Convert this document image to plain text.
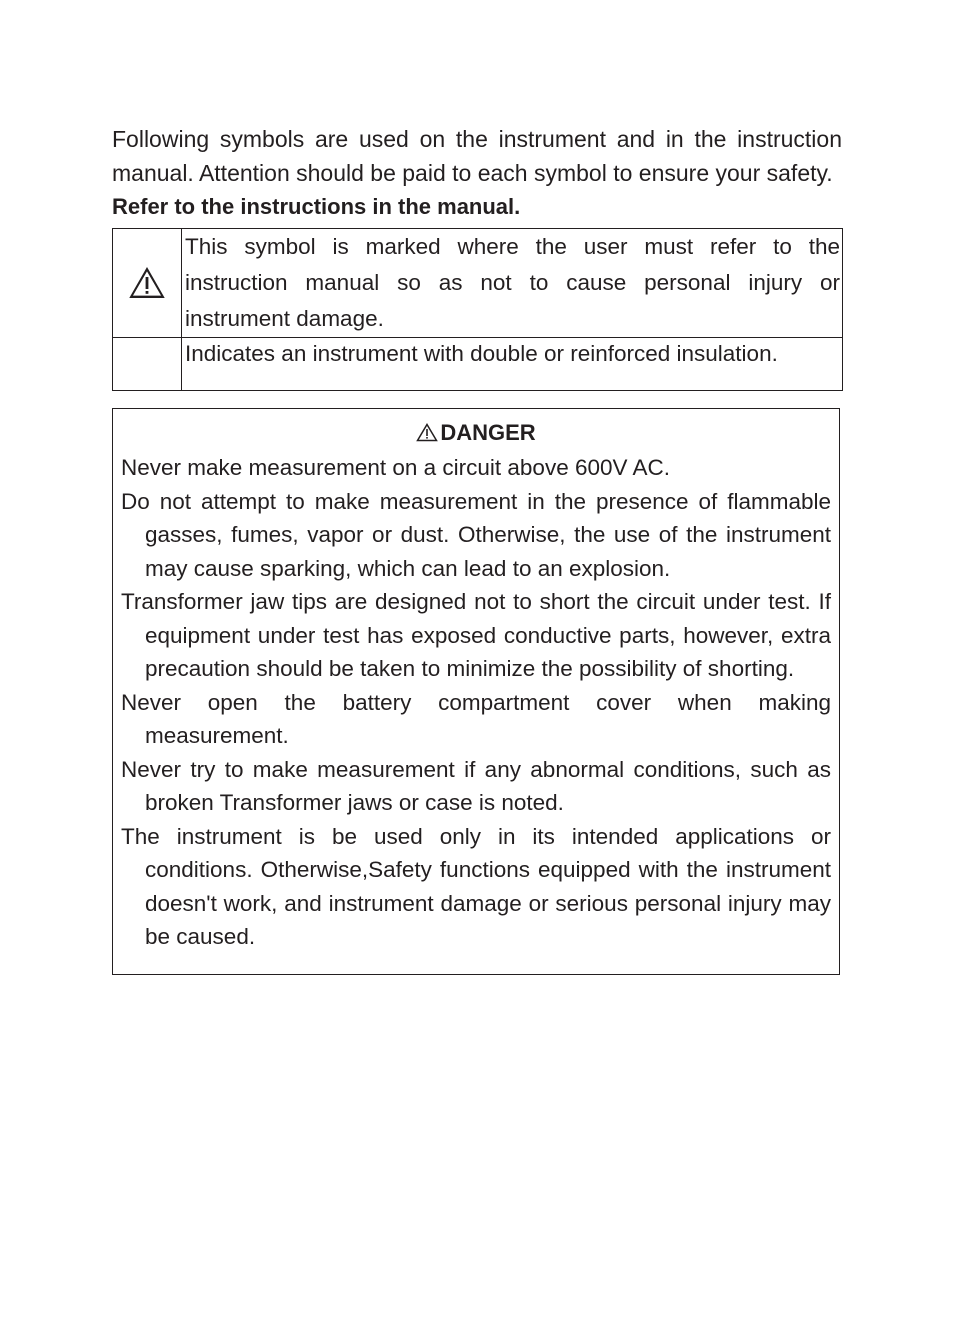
Following symbols are used on the instrument and in the instruction manual. Attention should be paid to each symbol to ensure your safety.

Refer to the instructions in the manual.

	This symbol is marked where the user must refer to the instruction manual so as not to cause personal injury or instrument damage.
	Indicates an instrument with double or reinforced insulation.

DANGER

Never make measurement on a circuit above 600V AC.
Do not attempt to make measurement in the presence of flammable gasses, fumes, vapor or dust. Otherwise, the use of the instrument may cause sparking, which can lead to an explosion.
Transformer jaw tips are designed not to short the circuit under test. If equipment under test has exposed conductive parts, however, extra precaution should be taken to minimize the possibility of shorting.
Never open the battery compartment cover when making measurement.
Never try to make measurement if any abnormal conditions, such as broken Transformer jaws or case is noted.
The instrument is be used only in its intended applications or conditions. Otherwise,Safety functions equipped with the instrument doesn't work, and instrument damage or serious personal injury may be caused.
